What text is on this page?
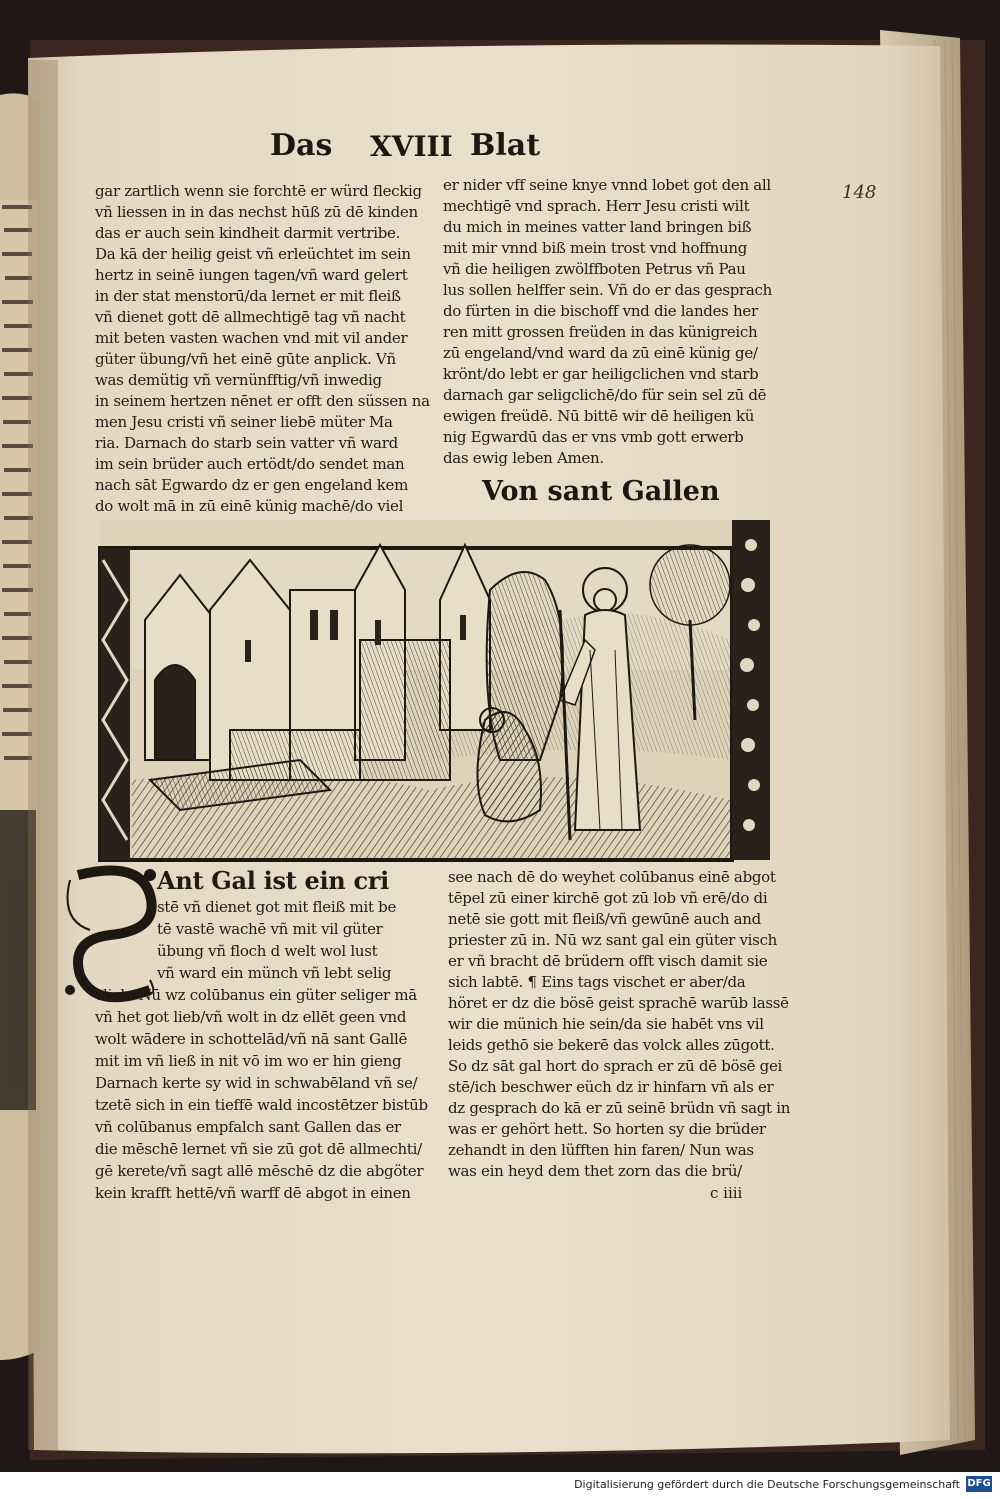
Das XVIII Blat
148
gar zartlich wenn sie forchtē er würd fleckig
vñ liessen in in das nechst hūß zū dē kinden
das er auch sein kindheit darmit vertribe.
Da kā der heilig geist vñ erleüchtet im sein
hertz in seinē iungen tagen/vñ ward gelert
in der stat menstorū/da lernet er mit fleiß
vñ dienet gott dē allmechtigē tag vñ nacht
mit beten vasten wachen vnd mit vil ander
güter übung/vñ het einē gūte anplick. Vñ
was demütig vñ vernünfftig/vñ inwedig
in seinem hertzen nēnet er offt den süssen na
men Jesu cristi vñ seiner liebē müter Ma
ria. Darnach do starb sein vatter vñ ward
im sein brüder auch ertödt/do sendet man
nach sāt Egwardo dz er gen engeland kem
do wolt mā in zū einē künig machē/do viel
er nider vff seine knye vnnd lobet got den all
mechtigē vnd sprach. Herr Jesu cristi wilt
du mich in meines vatter land bringen biß
mit mir vnnd biß mein trost vnd hoffnung
vñ die heiligen zwölffboten Petrus vñ Pau
lus sollen helffer sein. Vñ do er das gesprach
do fürten in die bischoff vnd die landes her
ren mitt grossen freüden in das künigreich
zū engeland/vnd ward da zū einē künig ge/
krönt/do lebt er gar heiligclichen vnd starb
darnach gar seligclichē/do für sein sel zū dē
ewigen freüdē. Nū bittē wir dē heiligen kü
nig Egwardū das er vns vmb gott erwerb
das ewig leben Amen.
Von sant Gallen
Ant Gal ist ein cri
stē vñ dienet got mit fleiß mit be
tē vastē wachē vñ mit vil güter
übung vñ floch d welt wol lust
vñ ward ein münch vñ lebt selig
clich. Nū wz colūbanus ein güter seliger mā
vñ het got lieb/vñ wolt in dz ellēt geen vnd
wolt wādere in schottelād/vñ nā sant Gallē
mit im vñ ließ in nit vō im wo er hin gieng
Darnach kerte sy wid in schwabēland vñ se/
tzetē sich in ein tieffē wald incostētzer bistūb
vñ colūbanus empfalch sant Gallen das er
die mēschē lernet vñ sie zū got dē allmechti/
gē kerete/vñ sagt allē mēschē dz die abgöter
kein krafft hettē/vñ warff dē abgot in einen
see nach dē do weyhet colūbanus einē abgot
tēpel zū einer kirchē got zū lob vñ erē/do di
netē sie gott mit fleiß/vñ gewūnē auch and
priester zū in. Nū wz sant gal ein güter visch
er vñ bracht dē brüdern offt visch damit sie
sich labtē. ¶ Eins tags vischet er aber/da
höret er dz die bösē geist sprachē warūb lassē
wir die münich hie sein/da sie habēt vns vil
leids gethō sie bekerē das volck alles zūgott.
So dz sāt gal hort do sprach er zū dē bösē gei
stē/ich beschwer eüch dz ir hinfarn vñ als er
dz gesprach do kā er zū seinē brüdn vñ sagt in
was er gehört hett. So horten sy die brüder
zehandt in den lüfften hin faren/ Nun was
was ein heyd dem thet zorn das die brü/
c iiii
Digitalisierung gefördert durch die Deutsche Forschungsgemeinschaft DFG
